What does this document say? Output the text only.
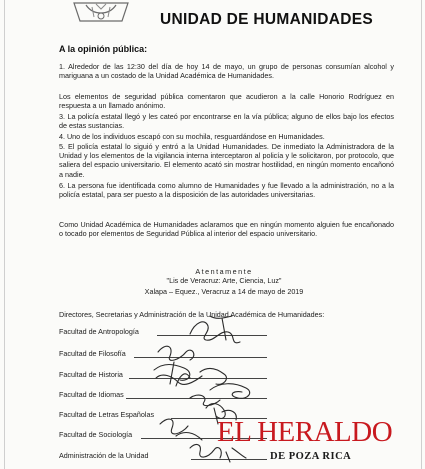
UNIDAD DE HUMANIDADES
A la opinión pública:

1. Alrededor de las 12:30 del día de hoy 14 de mayo, un grupo de personas consumían alcohol y mariguana a un costado de la Unidad Académica de Humanidades.

Los elementos de seguridad pública comentaron que acudieron a la calle Honorio Rodríguez en respuesta a un llamado anónimo.

3. La policía estatal llegó y les cateó por encontrarse en la vía pública; alguno de ellos bajo los efectos de estas sustancias.

4. Uno de los individuos escapó con su mochila, resguardándose en Humanidades.

5. El policía estatal lo siguió y entró a la Unidad Humanidades. De inmediato la Administradora de la Unidad y los elementos de la vigilancia interna interceptaron al policía y le solicitaron, por protocolo, que saliera del espacio universitario. El elemento acató sin mostrar hostilidad, en ningún momento encañonó a nadie.

6. La persona fue identificada como alumno de Humanidades y fue llevado a la administración, no a la policía estatal, para ser puesto a la disposición de las autoridades universitarias.

Como Unidad Académica de Humanidades aclaramos que en ningún momento alguien fue encañonado o tocado por elementos de Seguridad Pública al interior del espacio universitario.

Atentamente
"Lis de Veracruz: Arte, Ciencia, Luz"
Xalapa – Equez., Veracruz a 14 de mayo de 2019
Directores, Secretarias y Administración de la Unidad Académica de Humanidades:
Facultad de Antropología
Facultad de Filosofía
Facultad de Historia
Facultad de Idiomas
Facultad de Letras Españolas
Facultad de Sociología
Administración de la Unidad
EL HERALDO
DE POZA RICA
